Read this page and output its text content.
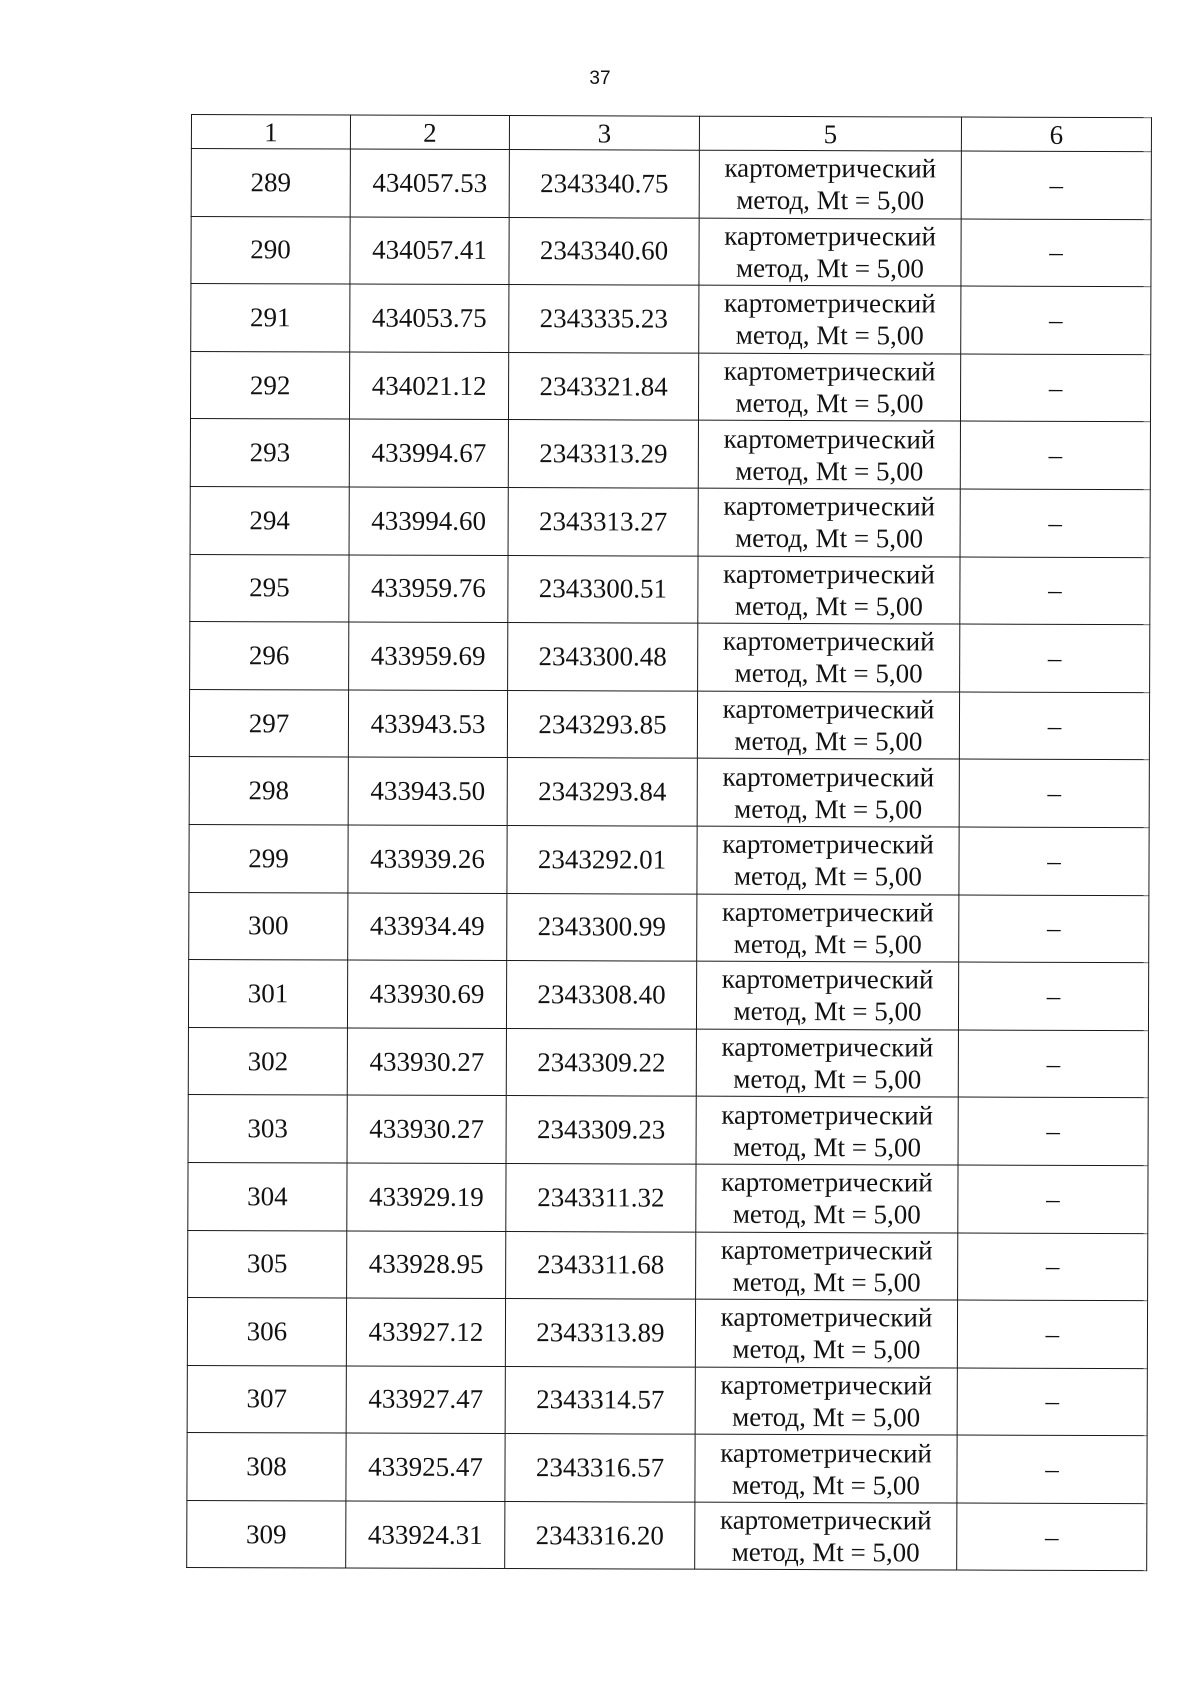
37
1	2	3	5	6
289	434057.53	2343340.75	картометрический
метод, Mt = 5,00	–
290	434057.41	2343340.60	картометрический
метод, Mt = 5,00	–
291	434053.75	2343335.23	картометрический
метод, Mt = 5,00	–
292	434021.12	2343321.84	картометрический
метод, Mt = 5,00	–
293	433994.67	2343313.29	картометрический
метод, Mt = 5,00	–
294	433994.60	2343313.27	картометрический
метод, Mt = 5,00	–
295	433959.76	2343300.51	картометрический
метод, Mt = 5,00	–
296	433959.69	2343300.48	картометрический
метод, Mt = 5,00	–
297	433943.53	2343293.85	картометрический
метод, Mt = 5,00	–
298	433943.50	2343293.84	картометрический
метод, Mt = 5,00	–
299	433939.26	2343292.01	картометрический
метод, Mt = 5,00	–
300	433934.49	2343300.99	картометрический
метод, Mt = 5,00	–
301	433930.69	2343308.40	картометрический
метод, Mt = 5,00	–
302	433930.27	2343309.22	картометрический
метод, Mt = 5,00	–
303	433930.27	2343309.23	картометрический
метод, Mt = 5,00	–
304	433929.19	2343311.32	картометрический
метод, Mt = 5,00	–
305	433928.95	2343311.68	картометрический
метод, Mt = 5,00	–
306	433927.12	2343313.89	картометрический
метод, Mt = 5,00	–
307	433927.47	2343314.57	картометрический
метод, Mt = 5,00	–
308	433925.47	2343316.57	картометрический
метод, Mt = 5,00	–
309	433924.31	2343316.20	картометрический
метод, Mt = 5,00	–
